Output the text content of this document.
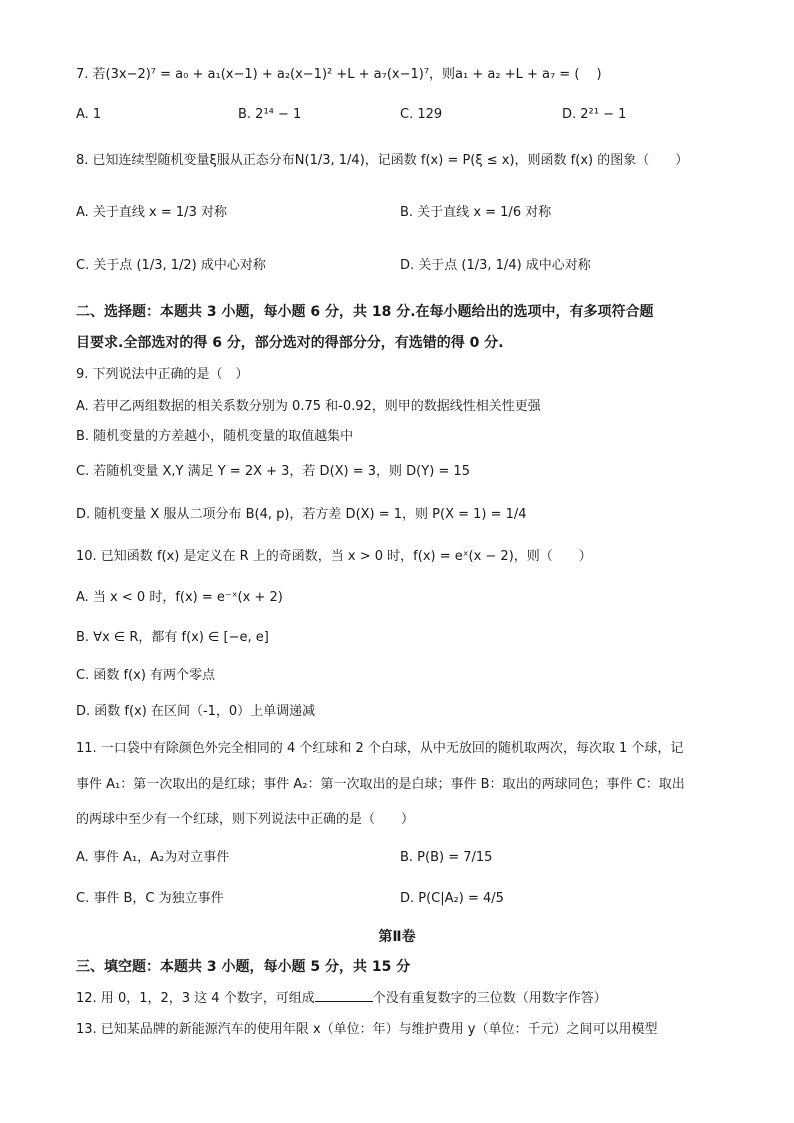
7. 若(3x−2)⁷ = a₀ + a₁(x−1) + a₂(x−1)² +L + a₇(x−1)⁷，则a₁ + a₂ +L + a₇ = (　 )
A. 1	B. 2¹⁴ − 1	C. 129	D. 2²¹ − 1
8. 已知连续型随机变量ξ服从正态分布N(1/3, 1/4)，记函数 f(x) = P(ξ ≤ x)，则函数 f(x) 的图象（　　）
A. 关于直线 x = 1/3 对称	B. 关于直线 x = 1/6 对称
C. 关于点 (1/3, 1/2) 成中心对称	D. 关于点 (1/3, 1/4) 成中心对称
二、选择题：本题共 3 小题，每小题 6 分，共 18 分.在每小题给出的选项中，有多项符合题
目要求.全部选对的得 6 分，部分选对的得部分分，有选错的得 0 分.
9. 下列说法中正确的是（　）
A. 若甲乙两组数据的相关系数分别为 0.75 和-0.92，则甲的数据线性相关性更强
B. 随机变量的方差越小，随机变量的取值越集中
C. 若随机变量 X,Y 满足 Y = 2X + 3，若 D(X) = 3，则 D(Y) = 15
D. 随机变量 X 服从二项分布 B(4, p)，若方差 D(X) = 1，则 P(X = 1) = 1/4
10. 已知函数 f(x) 是定义在 R 上的奇函数，当 x > 0 时，f(x) = eˣ(x − 2)，则（　　）
A. 当 x < 0 时，f(x) = e⁻ˣ(x + 2)
B. ∀x ∈ R，都有 f(x) ∈ [−e, e]
C. 函数 f(x) 有两个零点
D. 函数 f(x) 在区间（-1，0）上单调递减
11. 一口袋中有除颜色外完全相同的 4 个红球和 2 个白球，从中无放回的随机取两次，每次取 1 个球，记
事件 A₁：第一次取出的是红球；事件 A₂：第一次取出的是白球；事件 B：取出的两球同色；事件 C：取出
的两球中至少有一个红球，则下列说法中正确的是（　　）
A. 事件 A₁，A₂为对立事件	B. P(B) = 7/15
C. 事件 B，C 为独立事件	D. P(C|A₂) = 4/5
第Ⅱ卷
三、填空题：本题共 3 小题，每小题 5 分，共 15 分
12. 用 0，1，2，3 这 4 个数字，可组成	个没有重复数字的三位数（用数字作答）
13. 已知某品牌的新能源汽车的使用年限 x（单位：年）与维护费用 y（单位：千元）之间可以用模型
